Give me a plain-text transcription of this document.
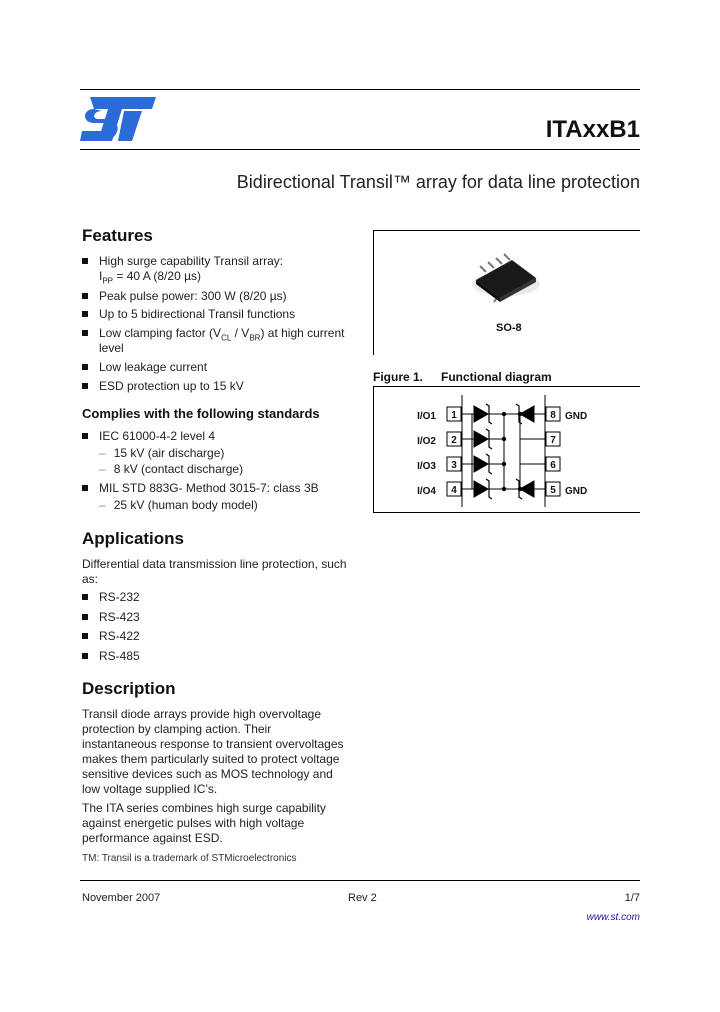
ITAxxB1
Bidirectional Transil™ array for data line protection
Features
High surge capability Transil array:
$I_{PP} = 40$ A (8/20 µs)
Peak pulse power: 300 W (8/20 µs)
Up to 5 bidirectional Transil functions
Low clamping factor $(V_{CL} / V_{BR})$ at high current
level
Low leakage current
ESD protection up to 15 kV
Complies with the following standards
IEC 61000-4-2 level 4
– 15 kV (air discharge)
– 8 kV (contact discharge)
MIL STD 883G- Method 3015-7: class 3B
– 25 kV (human body model)
Applications
Differential data transmission line protection, such
as:
RS-232
RS-423
RS-422
RS-485
Description
Transil diode arrays provide high overvoltage
protection by clamping action. Their
instantaneous response to transient overvoltages
makes them particularly suited to protect voltage
sensitive devices such as MOS technology and
low voltage supplied IC’s.
The ITA series combines high surge capability
against energetic pulses with high voltage
performance against ESD.
TM: Transil is a trademark of STMicroelectronics
SO-8
Figure 1. Functional diagram
I/O1
I/O2
I/O3
I/O4
1
2
3
4
8
7
6
5
GND
GND
November 2007	Rev 2	1/7
www.st.com
